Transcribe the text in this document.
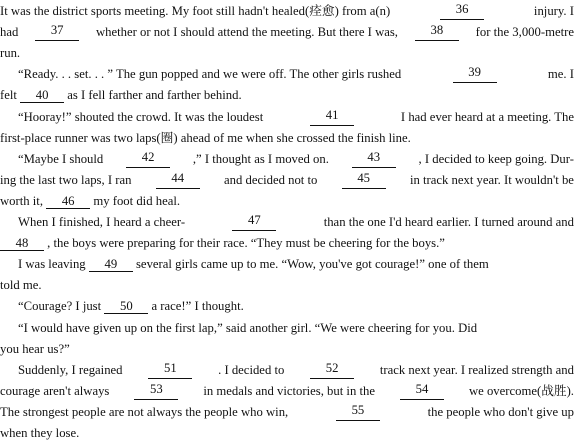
It was the district sports meeting. My foot still hadn't healed(痊愈) from a(n)	36	injury. I
had	37	whether or not I should attend the meeting. But there I was,	38	for the 3,000-metre
run.
“Ready. . . set. . . ” The gun popped and we were off. The other girls rushed	39	me. I
felt 40 as I fell farther and farther behind.
“Hooray!” shouted the crowd. It was the loudest	41	I had ever heard at a meeting. The
first-place runner was two laps(圈) ahead of me when she crossed the finish line.
“Maybe I should	42	,” I thought as I moved on.	43	, I decided to keep going. Dur-
ing the last two laps, I ran	44	and decided not to	45	in track next year. It wouldn't be
worth it, 46 my foot did heal.
When I finished, I heard a cheer-	47	than the one I'd heard earlier. I turned around and
48 , the boys were preparing for their race. “They must be cheering for the boys.”
I was leaving 49 several girls came up to me. “Wow, you've got courage!” one of them
told me.
“Courage? I just 50 a race!” I thought.
“I would have given up on the first lap,” said another girl. “We were cheering for you. Did
you hear us?”
Suddenly, I regained	51	. I decided to	52	track next year. I realized strength and
courage aren't always	53	in medals and victories, but in the	54	we overcome(战胜).
The strongest people are not always the people who win,	55	the people who don't give up
when they lose.
